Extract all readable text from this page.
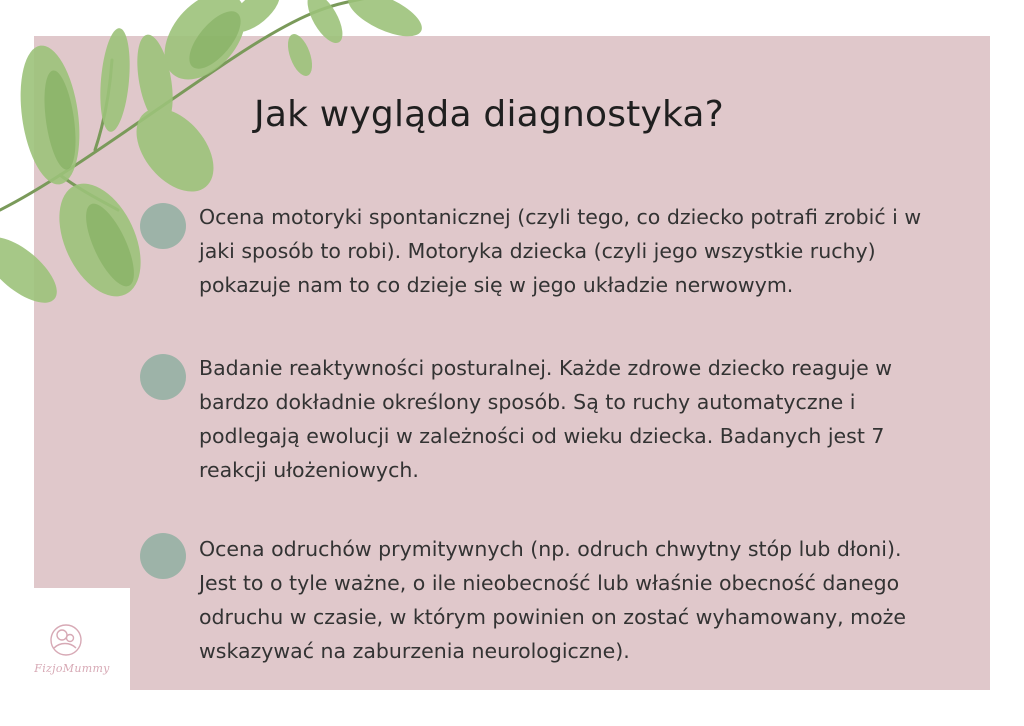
Jak wygląda diagnostyka?

Ocena motoryki spontanicznej (czyli tego, co dziecko potrafi zrobić i w jaki sposób to robi). Motoryka dziecka (czyli jego wszystkie ruchy) pokazuje nam to co dzieje się w jego układzie nerwowym.

Badanie reaktywności posturalnej. Każde zdrowe dziecko reaguje w bardzo dokładnie określony sposób. Są to ruchy automatyczne i podlegają ewolucji w zależności od wieku dziecka. Badanych jest 7 reakcji ułożeniowych.

Ocena odruchów prymitywnych (np. odruch chwytny stóp lub dłoni). Jest to o tyle ważne, o ile nieobecność lub właśnie obecność danego odruchu w czasie, w którym powinien on zostać wyhamowany, może wskazywać na zaburzenia neurologiczne).

FizjoMummy
